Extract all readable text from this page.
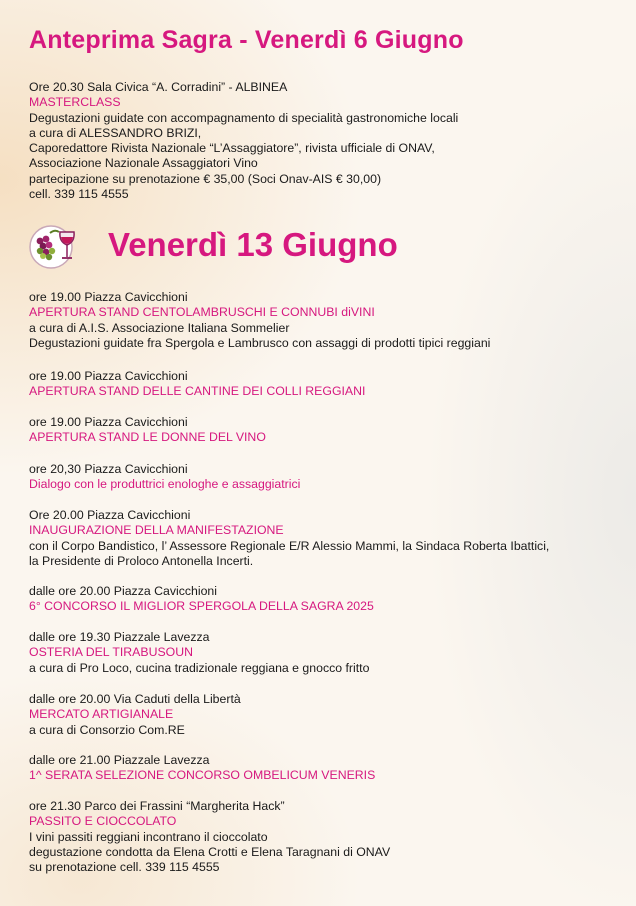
Anteprima Sagra - Venerdì 6 Giugno
Ore 20.30 Sala Civica “A. Corradini” - ALBINEA
MASTERCLASS
Degustazioni guidate con accompagnamento di specialità gastronomiche locali
a cura di ALESSANDRO BRIZI,
Caporedattore Rivista Nazionale “L’Assaggiatore”, rivista ufficiale di ONAV,
Associazione Nazionale Assaggiatori Vino
partecipazione su prenotazione € 35,00 (Soci Onav-AIS € 30,00)
cell. 339 115 4555
Venerdì 13 Giugno
ore 19.00 Piazza Cavicchioni
APERTURA STAND CENTOLAMBRUSCHI E CONNUBI diVINI
a cura di A.I.S. Associazione Italiana Sommelier
Degustazioni guidate fra Spergola e Lambrusco con assaggi di prodotti tipici reggiani
ore 19.00 Piazza Cavicchioni
APERTURA STAND DELLE CANTINE DEI COLLI REGGIANI
ore 19.00 Piazza Cavicchioni
APERTURA STAND LE DONNE DEL VINO
ore 20,30 Piazza Cavicchioni
Dialogo con le produttrici enologhe e assaggiatrici
Ore 20.00 Piazza Cavicchioni
INAUGURAZIONE DELLA MANIFESTAZIONE
con il Corpo Bandistico, l’ Assessore Regionale E/R Alessio Mammi, la Sindaca Roberta Ibattici,
la Presidente di Proloco Antonella Incerti.
dalle ore 20.00 Piazza Cavicchioni
6° CONCORSO IL MIGLIOR SPERGOLA DELLA SAGRA 2025
dalle ore 19.30 Piazzale Lavezza
OSTERIA DEL TIRABUSOUN
a cura di Pro Loco, cucina tradizionale reggiana e gnocco fritto
dalle ore 20.00 Via Caduti della Libertà
MERCATO ARTIGIANALE
a cura di Consorzio Com.RE
dalle ore 21.00 Piazzale Lavezza
1^ SERATA SELEZIONE CONCORSO OMBELICUM VENERIS
ore 21.30 Parco dei Frassini “Margherita Hack”
PASSITO E CIOCCOLATO
I vini passiti reggiani incontrano il cioccolato
degustazione condotta da Elena Crotti e Elena Taragnani di ONAV
su prenotazione cell. 339 115 4555
